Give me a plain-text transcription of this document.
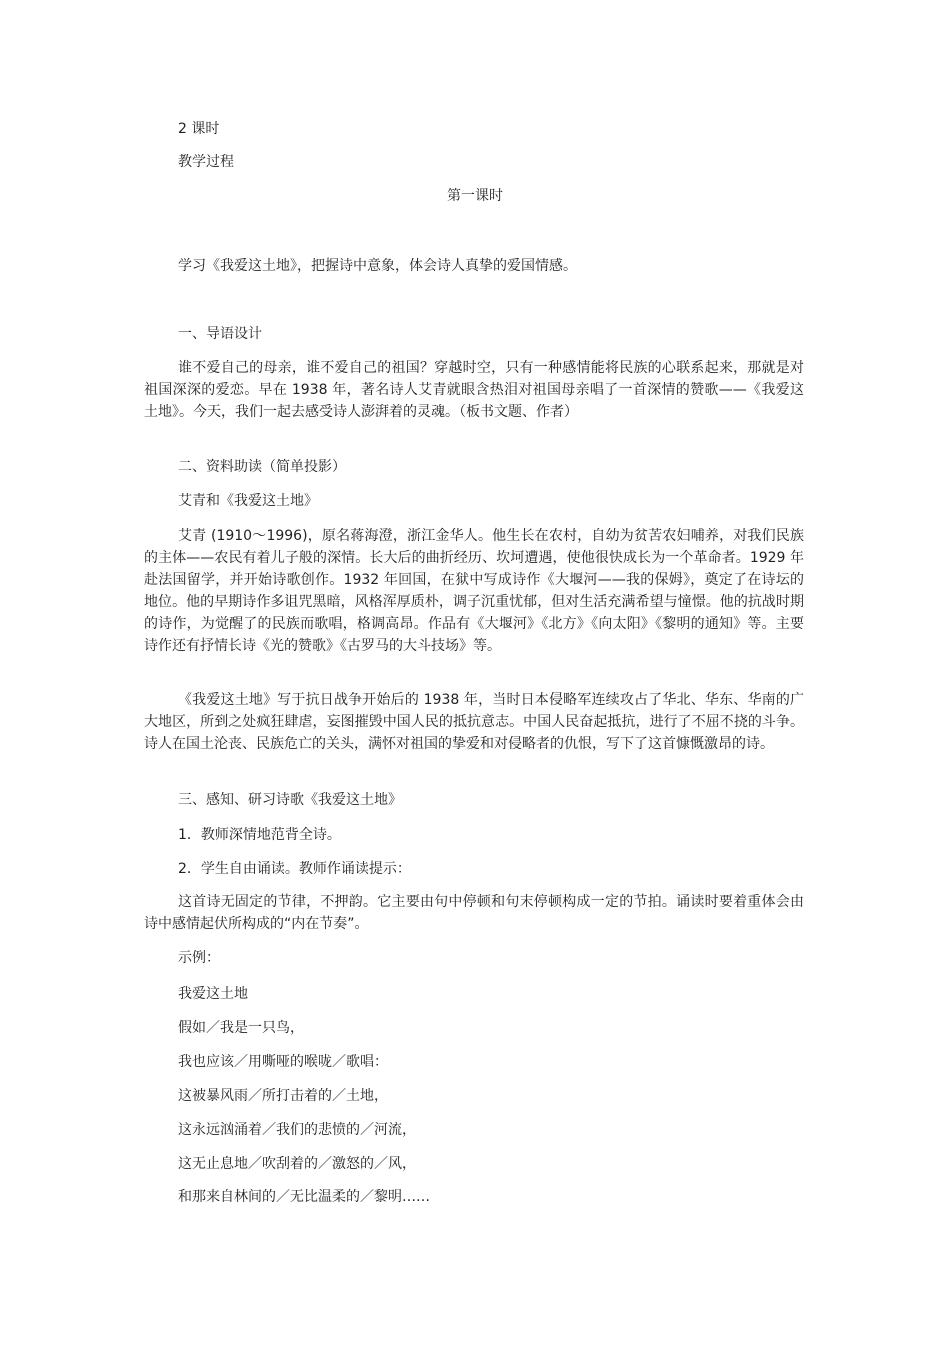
2 课时
教学过程
第一课时
学习《我爱这土地》，把握诗中意象，体会诗人真挚的爱国情感。
一、导语设计
谁不爱自己的母亲，谁不爱自己的祖国？穿越时空，只有一种感情能将民族的心联系起来，那就是对祖国深深的爱恋。早在 1938 年，著名诗人艾青就眼含热泪对祖国母亲唱了一首深情的赞歌——《我爱这土地》。今天，我们一起去感受诗人澎湃着的灵魂。（板书文题、作者）
二、资料助读（简单投影）
艾青和《我爱这土地》
艾青 (1910～1996)，原名蒋海澄，浙江金华人。他生长在农村，自幼为贫苦农妇哺养，对我们民族的主体——农民有着儿子般的深情。长大后的曲折经历、坎坷遭遇，使他很快成长为一个革命者。1929 年赴法国留学，并开始诗歌创作。1932 年回国，在狱中写成诗作《大堰河——我的保姆》，奠定了在诗坛的地位。他的早期诗作多诅咒黑暗，风格浑厚质朴，调子沉重忧郁，但对生活充满希望与憧憬。他的抗战时期的诗作，为觉醒了的民族而歌唱，格调高昂。作品有《大堰河》《北方》《向太阳》《黎明的通知》等。主要诗作还有抒情长诗《光的赞歌》《古罗马的大斗技场》等。
《我爱这土地》写于抗日战争开始后的 1938 年，当时日本侵略军连续攻占了华北、华东、华南的广大地区，所到之处疯狂肆虐，妄图摧毁中国人民的抵抗意志。中国人民奋起抵抗，进行了不屈不挠的斗争。诗人在国土沦丧、民族危亡的关头，满怀对祖国的挚爱和对侵略者的仇恨，写下了这首慷慨激昂的诗。
三、感知、研习诗歌《我爱这土地》
1．教师深情地范背全诗。
2．学生自由诵读。教师作诵读提示：
这首诗无固定的节律，不押韵。它主要由句中停顿和句末停顿构成一定的节拍。诵读时要着重体会由诗中感情起伏所构成的“内在节奏”。
示例：
我爱这土地
假如／我是一只鸟，
我也应该／用嘶哑的喉咙／歌唱：
这被暴风雨／所打击着的／土地，
这永远汹涌着／我们的悲愤的／河流，
这无止息地／吹刮着的／激怒的／风，
和那来自林间的／无比温柔的／黎明……
